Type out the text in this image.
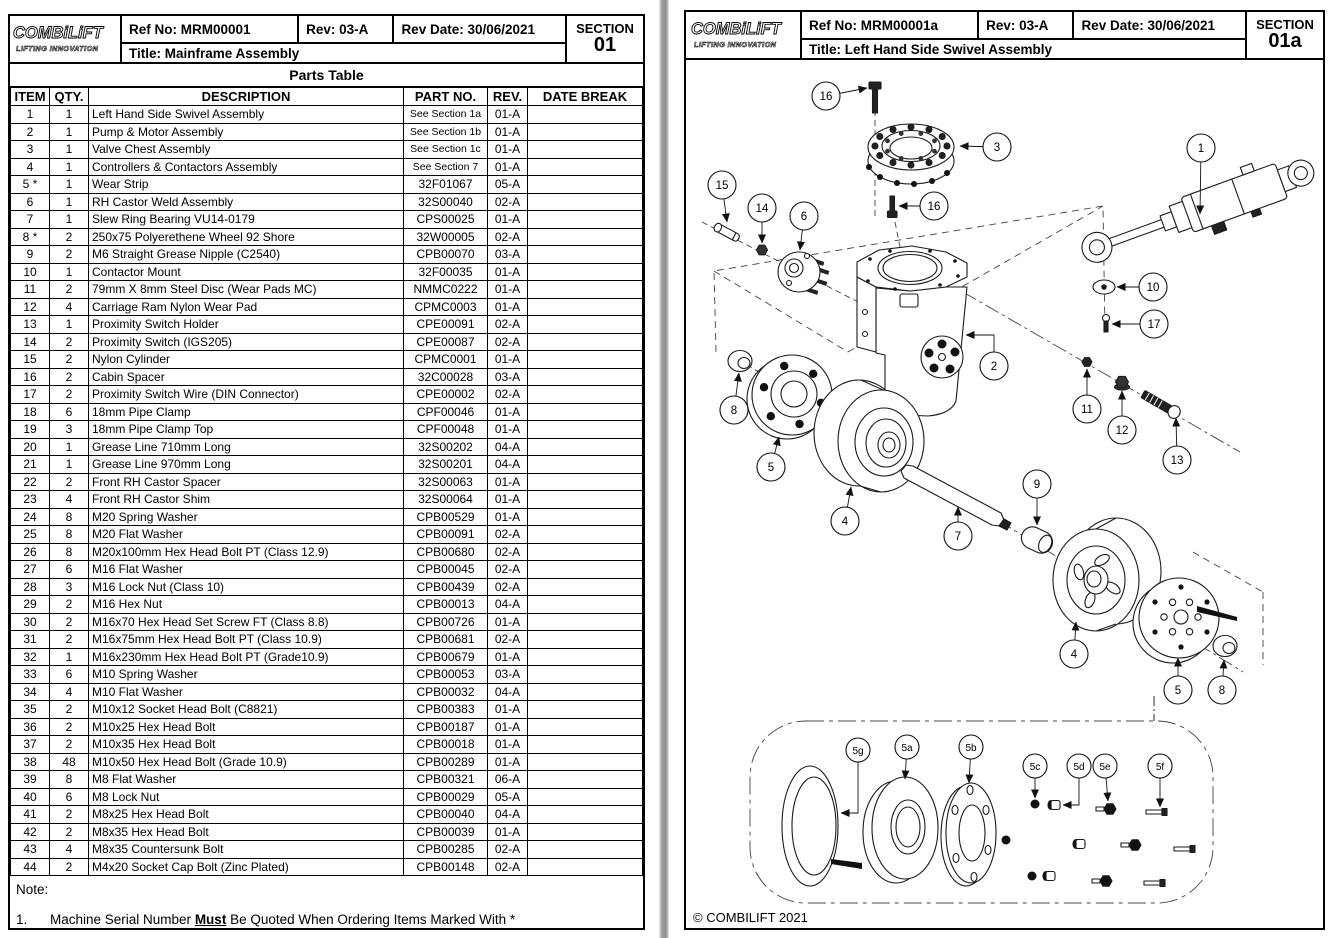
COMBiLiFT
LIFTING INNOVATION
Ref No: MRM00001	Rev: 03-A	Rev Date: 30/06/2021
Title: Mainframe Assembly
SECTION
01
Parts Table
ITEM	QTY.	DESCRIPTION	PART NO.	REV.	DATE BREAK
1	1	Left Hand Side Swivel Assembly	See Section 1a	01-A	
2	1	Pump & Motor Assembly	See Section 1b	01-A	
3	1	Valve Chest Assembly	See Section 1c	01-A	
4	1	Controllers & Contactors Assembly	See Section 7	01-A	
5 *	1	Wear Strip	32F01067	05-A	
6	1	RH Castor Weld Assembly	32S00040	02-A	
7	1	Slew Ring Bearing VU14-0179	CPS00025	01-A	
8 *	2	250x75 Polyerethene Wheel 92 Shore	32W00005	02-A	
9	2	M6 Straight Grease Nipple (C2540)	CPB00070	03-A	
10	1	Contactor Mount	32F00035	01-A	
11	2	79mm X 8mm Steel Disc (Wear Pads MC)	NMMC0222	01-A	
12	4	Carriage Ram Nylon Wear Pad	CPMC0003	01-A	
13	1	Proximity Switch Holder	CPE00091	02-A	
14	2	Proximity Switch (IGS205)	CPE00087	02-A	
15	2	Nylon Cylinder	CPMC0001	01-A	
16	2	Cabin Spacer	32C00028	03-A	
17	2	Proximity Switch Wire (DIN Connector)	CPE00002	02-A	
18	6	18mm Pipe Clamp	CPF00046	01-A	
19	3	18mm Pipe Clamp Top	CPF00048	01-A	
20	1	Grease Line 710mm Long	32S00202	04-A	
21	1	Grease Line 970mm Long	32S00201	04-A	
22	2	Front RH Castor Spacer	32S00063	01-A	
23	4	Front RH Castor Shim	32S00064	01-A	
24	8	M20 Spring Washer	CPB00529	01-A	
25	8	M20 Flat Washer	CPB00091	02-A	
26	8	M20x100mm Hex Head Bolt PT (Class 12.9)	CPB00680	02-A	
27	6	M16 Flat Washer	CPB00045	02-A	
28	3	M16 Lock Nut (Class 10)	CPB00439	02-A	
29	2	M16 Hex Nut	CPB00013	04-A	
30	2	M16x70 Hex Head Set Screw FT (Class 8.8)	CPB00726	01-A	
31	2	M16x75mm Hex Head Bolt PT (Class 10.9)	CPB00681	02-A	
32	1	M16x230mm Hex Head Bolt PT (Grade10.9)	CPB00679	01-A	
33	6	M10 Spring Washer	CPB00053	03-A	
34	4	M10 Flat Washer	CPB00032	04-A	
35	2	M10x12 Socket Head Bolt (C8821)	CPB00383	01-A	
36	2	M10x25 Hex Head Bolt	CPB00187	01-A	
37	2	M10x35 Hex Head Bolt	CPB00018	01-A	
38	48	M10x50 Hex Head Bolt (Grade 10.9)	CPB00289	01-A	
39	8	M8 Flat Washer	CPB00321	06-A	
40	6	M8 Lock Nut	CPB00029	05-A	
41	2	M8x25 Hex Head Bolt	CPB00040	04-A	
42	2	M8x35 Hex Head Bolt	CPB00039	01-A	
43	4	M8x35 Countersunk Bolt	CPB00285	02-A	
44	2	M4x20 Socket Cap Bolt (Zinc Plated)	CPB00148	02-A	
Note:
1.	Machine Serial Number Must Be Quoted When Ordering Items Marked With *
COMBiLiFT
LIFTING INNOVATION
Ref No: MRM00001a	Rev: 03-A	Rev Date: 30/06/2021
Title: Left Hand Side Swivel Assembly
SECTION
01a
16
3	1
15
14
6
16
10
17
2
8
5
4
7
9
11
12
13
4
5	8
5g	5a	5b
5c	5d 5e	5f
© COMBILIFT 2021
